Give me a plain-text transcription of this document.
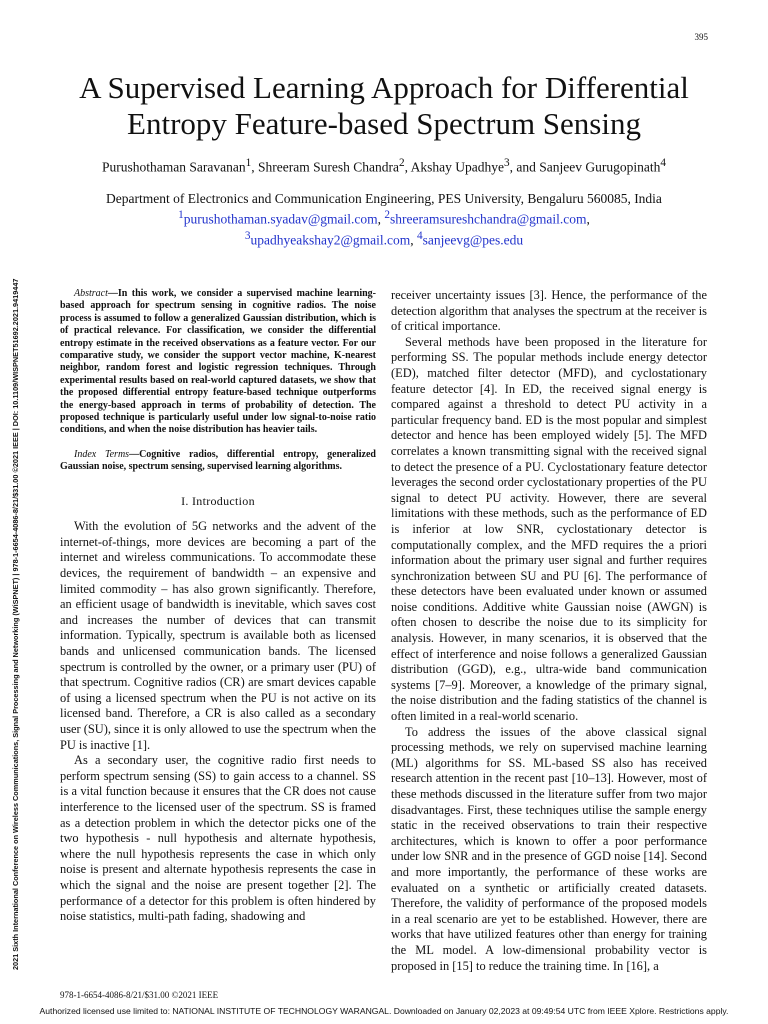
395
2021 Sixth International Conference on Wireless Communications, Signal Processing and Networking (WiSPNET) | 978-1-6654-4086-8/21/$31.00 ©2021 IEEE | DOI: 10.1109/WISPNET51692.2021.9419447
A Supervised Learning Approach for Differential
Entropy Feature-based Spectrum Sensing
Purushothaman Saravanan$^1$, Shreeram Suresh Chandra$^2$, Akshay Upadhye$^3$, and Sanjeev Gurugopinath$^4$
Department of Electronics and Communication Engineering, PES University, Bengaluru 560085, India
$^1$purushothaman.syadav@gmail.com, $^2$shreeramsureshchandra@gmail.com,
$^3$upadhyeakshay2@gmail.com, $^4$sanjeevg@pes.edu

Abstract—In this work, we consider a supervised machine learning-based approach for spectrum sensing in cognitive radios. The noise process is assumed to follow a generalized Gaussian distribution, which is of practical relevance. For classification, we consider the differential entropy estimate in the received observations as a feature vector. For our comparative study, we consider the support vector machine, K-nearest neighbor, random forest and logistic regression techniques. Through experimental results based on real-world captured datasets, we show that the proposed differential entropy feature-based technique outperforms the energy-based approach in terms of probability of detection. The proposed technique is particularly useful under low signal-to-noise ratio conditions, and when the noise distribution has heavier tails.

Index Terms—Cognitive radios, differential entropy, generalized Gaussian noise, spectrum sensing, supervised learning algorithms.

I. Introduction

With the evolution of 5G networks and the advent of the internet-of-things, more devices are becoming a part of the internet and wireless communications. To accommodate these devices, the requirement of bandwidth – an expensive and limited commodity – has also grown significantly. Therefore, an efficient usage of bandwidth is inevitable, which saves cost and increases the number of devices that can transmit information. Typically, spectrum is available both as licensed bands and unlicensed communication bands. The licensed spectrum is controlled by the owner, or a primary user (PU) of that spectrum. Cognitive radios (CR) are smart devices capable of using a licensed spectrum when the PU is not active on its licensed band. Therefore, a CR is also called as a secondary user (SU), since it is only allowed to use the spectrum when the PU is inactive [1].

As a secondary user, the cognitive radio first needs to perform spectrum sensing (SS) to gain access to a channel. SS is a vital function because it ensures that the CR does not cause interference to the licensed user of the spectrum. SS is framed as a detection problem in which the detector picks one of the two hypothesis - null hypothesis and alternate hypothesis, where the null hypothesis represents the case in which only noise is present and alternate hypothesis represents the case in which the signal and the noise are present together [2]. The performance of a detector for this problem is often hindered by noise statistics, multi-path fading, shadowing and

receiver uncertainty issues [3]. Hence, the performance of the detection algorithm that analyses the spectrum at the receiver is of critical importance.

Several methods have been proposed in the literature for performing SS. The popular methods include energy detector (ED), matched filter detector (MFD), and cyclostationary feature detector [4]. In ED, the received signal energy is compared against a threshold to detect PU activity in a particular frequency band. ED is the most popular and simplest detector and hence has been employed widely [5]. The MFD correlates a known transmitting signal with the received signal to detect the presence of a PU. Cyclostationary feature detector leverages the second order cyclostationary properties of the PU signal to detect PU activity. However, there are several limitations with these methods, such as the performance of ED is inferior at low SNR, cyclostationary detector is computationally complex, and the MFD requires the a priori information about the primary user signal and further requires synchronization between SU and PU [6]. The performance of these detectors have been evaluated under known or assumed noise conditions. Additive white Gaussian noise (AWGN) is often chosen to describe the noise due to its simplicity for analysis. However, in many scenarios, it is observed that the effect of interference and noise follows a generalized Gaussian distribution (GGD), e.g., ultra-wide band communication systems [7–9]. Moreover, a knowledge of the primary signal, the noise distribution and the fading statistics of the channel is often limited in a real-world scenario.

To address the issues of the above classical signal processing methods, we rely on supervised machine learning (ML) algorithms for SS. ML-based SS also has received research attention in the recent past [10–13]. However, most of these methods discussed in the literature suffer from two major disadvantages. First, these techniques utilise the sample energy static in the received observations to train their respective architectures, which is known to offer a poor performance under low SNR and in the presence of GGD noise [14]. Second and more importantly, the performance of these works are evaluated on a synthetic or artificially created datasets. Therefore, the validity of performance of the proposed models in a real scenario are yet to be established. However, there are works that have utilized features other than energy for training the ML model. A low-dimensional probability vector is proposed in [15] to reduce the training time. In [16], a

978-1-6654-4086-8/21/$31.00 ©2021 IEEE
Authorized licensed use limited to: NATIONAL INSTITUTE OF TECHNOLOGY WARANGAL. Downloaded on January 02,2023 at 09:49:54 UTC from IEEE Xplore. Restrictions apply.
